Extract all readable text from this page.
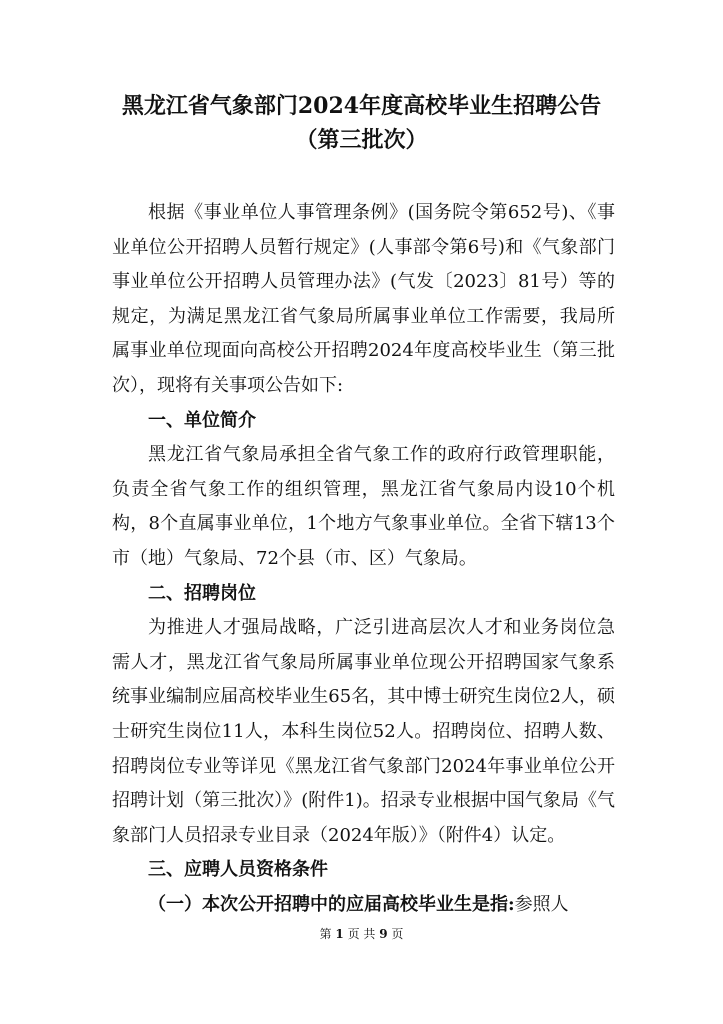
黑龙江省气象部门2024年度高校毕业生招聘公告
（第三批次）

根据《事业单位人事管理条例》(国务院令第652号)、《事业单位公开招聘人员暂行规定》(人事部令第6号)和《气象部门事业单位公开招聘人员管理办法》(气发〔2023〕81号）等的规定，为满足黑龙江省气象局所属事业单位工作需要，我局所属事业单位现面向高校公开招聘2024年度高校毕业生（第三批次），现将有关事项公告如下:

一、单位简介

黑龙江省气象局承担全省气象工作的政府行政管理职能，负责全省气象工作的组织管理，黑龙江省气象局内设10个机构，8个直属事业单位，1个地方气象事业单位。全省下辖13个市（地）气象局、72个县（市、区）气象局。

二、招聘岗位

为推进人才强局战略，广泛引进高层次人才和业务岗位急需人才，黑龙江省气象局所属事业单位现公开招聘国家气象系统事业编制应届高校毕业生65名，其中博士研究生岗位2人，硕士研究生岗位11人，本科生岗位52人。招聘岗位、招聘人数、招聘岗位专业等详见《黑龙江省气象部门2024年事业单位公开招聘计划（第三批次）》(附件1)。招录专业根据中国气象局《气象部门人员招录专业目录（2024年版）》（附件4）认定。

三、应聘人员资格条件

（一）本次公开招聘中的应届高校毕业生是指:参照人

第 1 页 共 9 页
